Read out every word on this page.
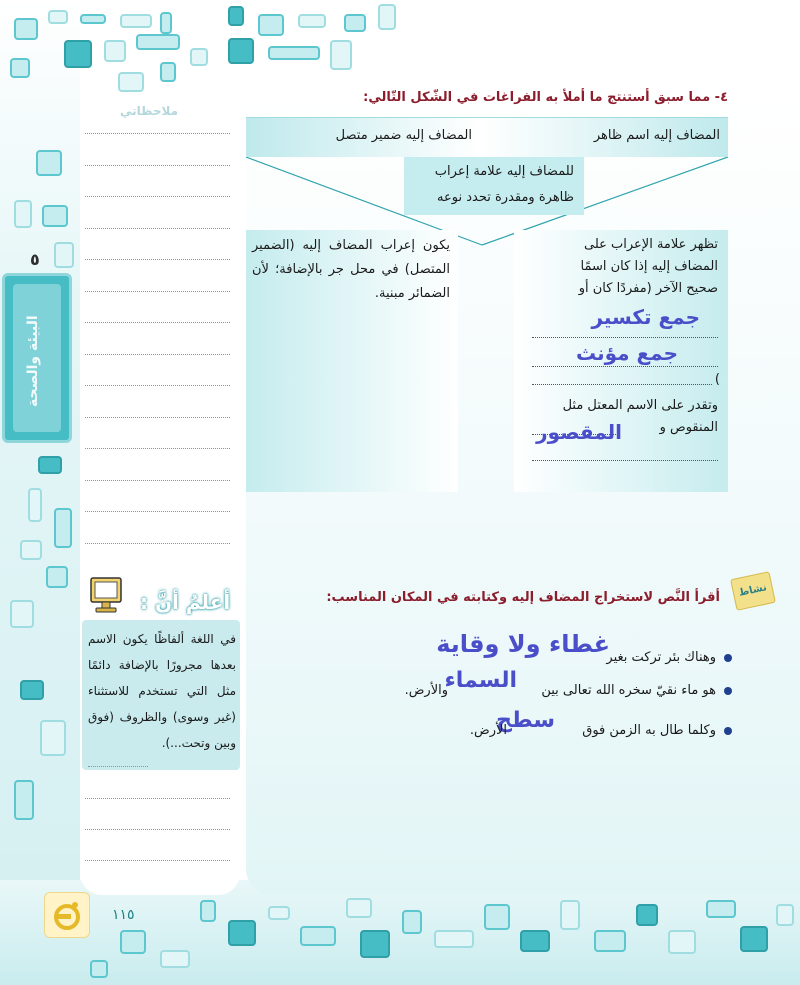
٥
البيئة والصحة
ملاحظاتي
أعلمُ أنَّ :
في اللغة ألفاظًا يكون الاسم بعدها مجرورًا بالإضافة دائمًا مثل التي تستخدم للاستثناء (غير وسوى) والظروف (فوق وبين وتحت...).
١١٥
٤- مما سبق أستنتج ما أملأ به الفراغات في الشّكل التّالي:
المضاف إليه اسم ظاهر
المضاف إليه ضمير متصل
للمضاف إليه علامة إعراب
ظاهرة ومقدرة تحدد نوعه
تظهر علامة الإعراب على
المضاف إليه إذا كان اسمًا
صحيح الآخر (مفردًا كان أو
جمع تكسير
جمع مؤنث
)
وتقدر على الاسم المعتل مثل
المنقوص و
المقصور
يكون إعراب المضاف إليه (الضمير المتصل) في محل جر بالإضافة؛ لأن الضمائر مبنية.
نشاط
أقرأ النَّص لاستخراج المضاف إليه وكتابته في المكان المناسب:
وهناك بئر تركت بغير
غطاء ولا وقاية
هو ماء نقيّ سخره الله تعالى بين
السماء
والأرض.
وكلما طال به الزمن فوق
سطح
الأرض.
